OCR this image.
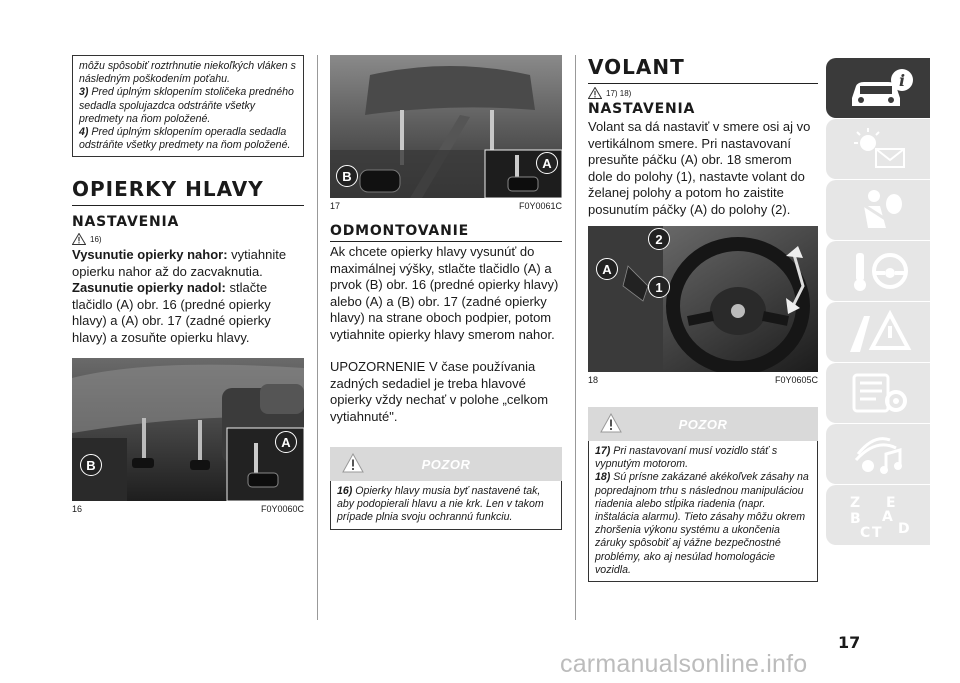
môžu spôsobiť roztrhnutie niekoľkých vláken s následným poškodením poťahu.
3) Pred úplným sklopením stoličeka predného sedadla spolujazdca odstráňte všetky predmety na ňom položené.
4) Pred úplným sklopením operadla sedadla odstráňte všetky predmety na ňom položené.
OPIERKY HLAVY
NASTAVENIA
16)

Vysunutie opierky nahor: vytiahnite opierku nahor až do zacvaknutia.

Zasunutie opierky nadol: stlačte tlačidlo (A) obr. 16 (predné opierky hlavy) a (A) obr. 17 (zadné opierky hlavy) a zosuňte opierku hlavy.

B
A
16	F0Y0060C
B
A
17	F0Y0061C
ODMONTOVANIE

Ak chcete opierky hlavy vysunúť do maximálnej výšky, stlačte tlačidlo (A) a prvok (B) obr. 16 (predné opierky hlavy) alebo (A) a (B) obr. 17 (zadné opierky hlavy) na strane oboch podpier, potom vytiahnite opierky hlavy smerom nahor.

UPOZORNENIE V čase používania zadných sedadiel je treba hlavové opierky vždy nechať v polohe „celkom vytiahnuté".

POZOR
16) Opierky hlavy musia byť nastavené tak, aby podopierali hlavu a nie krk. Len v takom prípade plnia svoju ochrannú funkciu.
VOLANT
17) 18)
NASTAVENIA

Volant sa dá nastaviť v smere osi aj vo vertikálnom smere. Pri nastavovaní presuňte páčku (A) obr. 18 smerom dole do polohy (1), nastavte volant do želanej polohy a potom ho zaistite posunutím páčky (A) do polohy (2).

2
A
1
18	F0Y0605C
POZOR
17) Pri nastavovaní musí vozidlo stáť s vypnutým motorom.
18) Sú prísne zakázané akékoľvek zásahy na popredajnom trhu s následnou manipuláciou riadenia alebo stĺpika riadenia (napr. inštalácia alarmu). Tieto zásahy môžu okrem zhoršenia výkonu systému a ukončenia záruky spôsobiť aj vážne bezpečnostné problémy, ako aj nesúlad homologácie vozidla.
i
Z E
B A
C T D
17
carmanualsonline.info
